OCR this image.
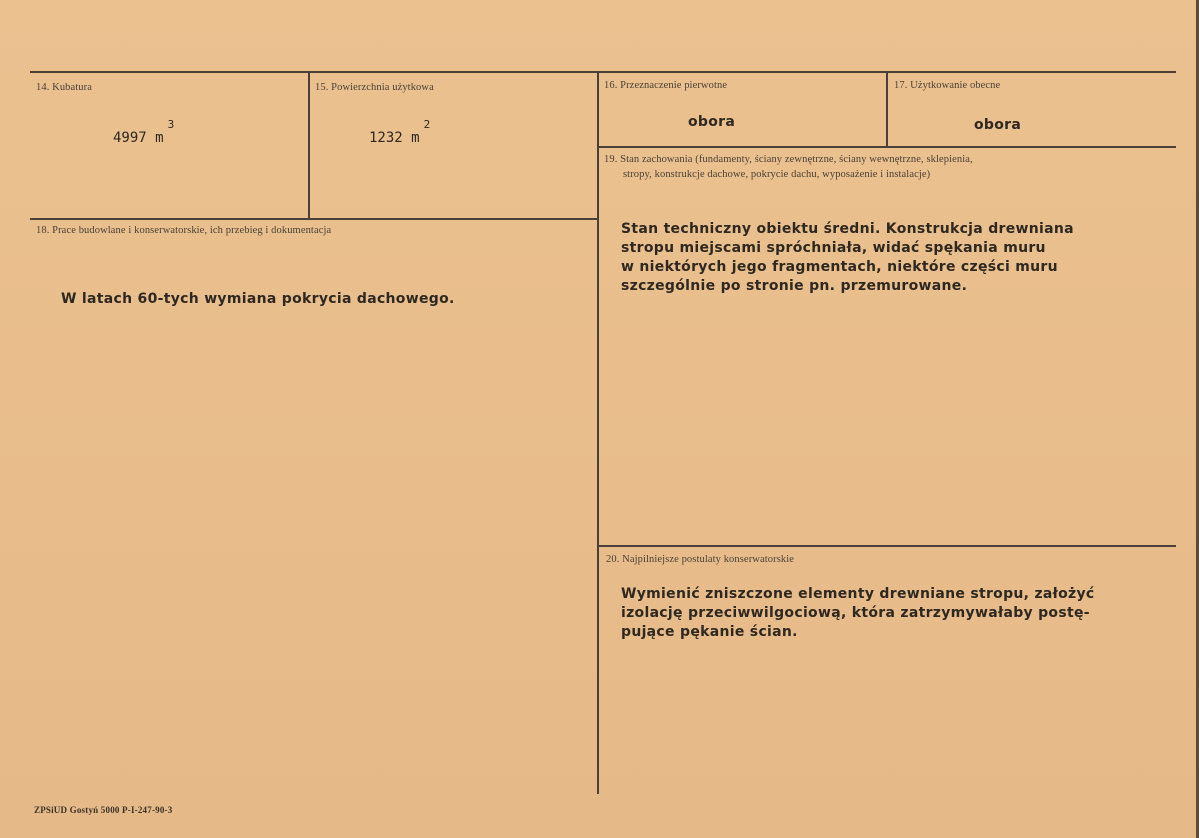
14. Kubatura
4997 $m^3$
15. Powierzchnia użytkowa
1232 $m^2$
16. Przeznaczenie pierwotne
obora
17. Użytkowanie obecne
obora
18. Prace budowlane i konserwatorskie, ich przebieg i dokumentacja
W latach 60-tych wymiana pokrycia dachowego.
19. Stan zachowania (fundamenty, ściany zewnętrzne, ściany wewnętrzne, sklepienia,
stropy, konstrukcje dachowe, pokrycie dachu, wyposażenie i instalacje)
Stan techniczny obiektu średni. Konstrukcja drewniana
stropu miejscami spróchniała, widać spękania muru
w niektórych jego fragmentach, niektóre części muru
szczególnie po stronie pn. przemurowane.
20. Najpilniejsze postulaty konserwatorskie
Wymienić zniszczone elementy drewniane stropu, założyć
izolację przeciwwilgociową, która zatrzymywałaby postę-
pujące pękanie ścian.
ZPSiUD Gostyń 5000 P-I-247-90-3
